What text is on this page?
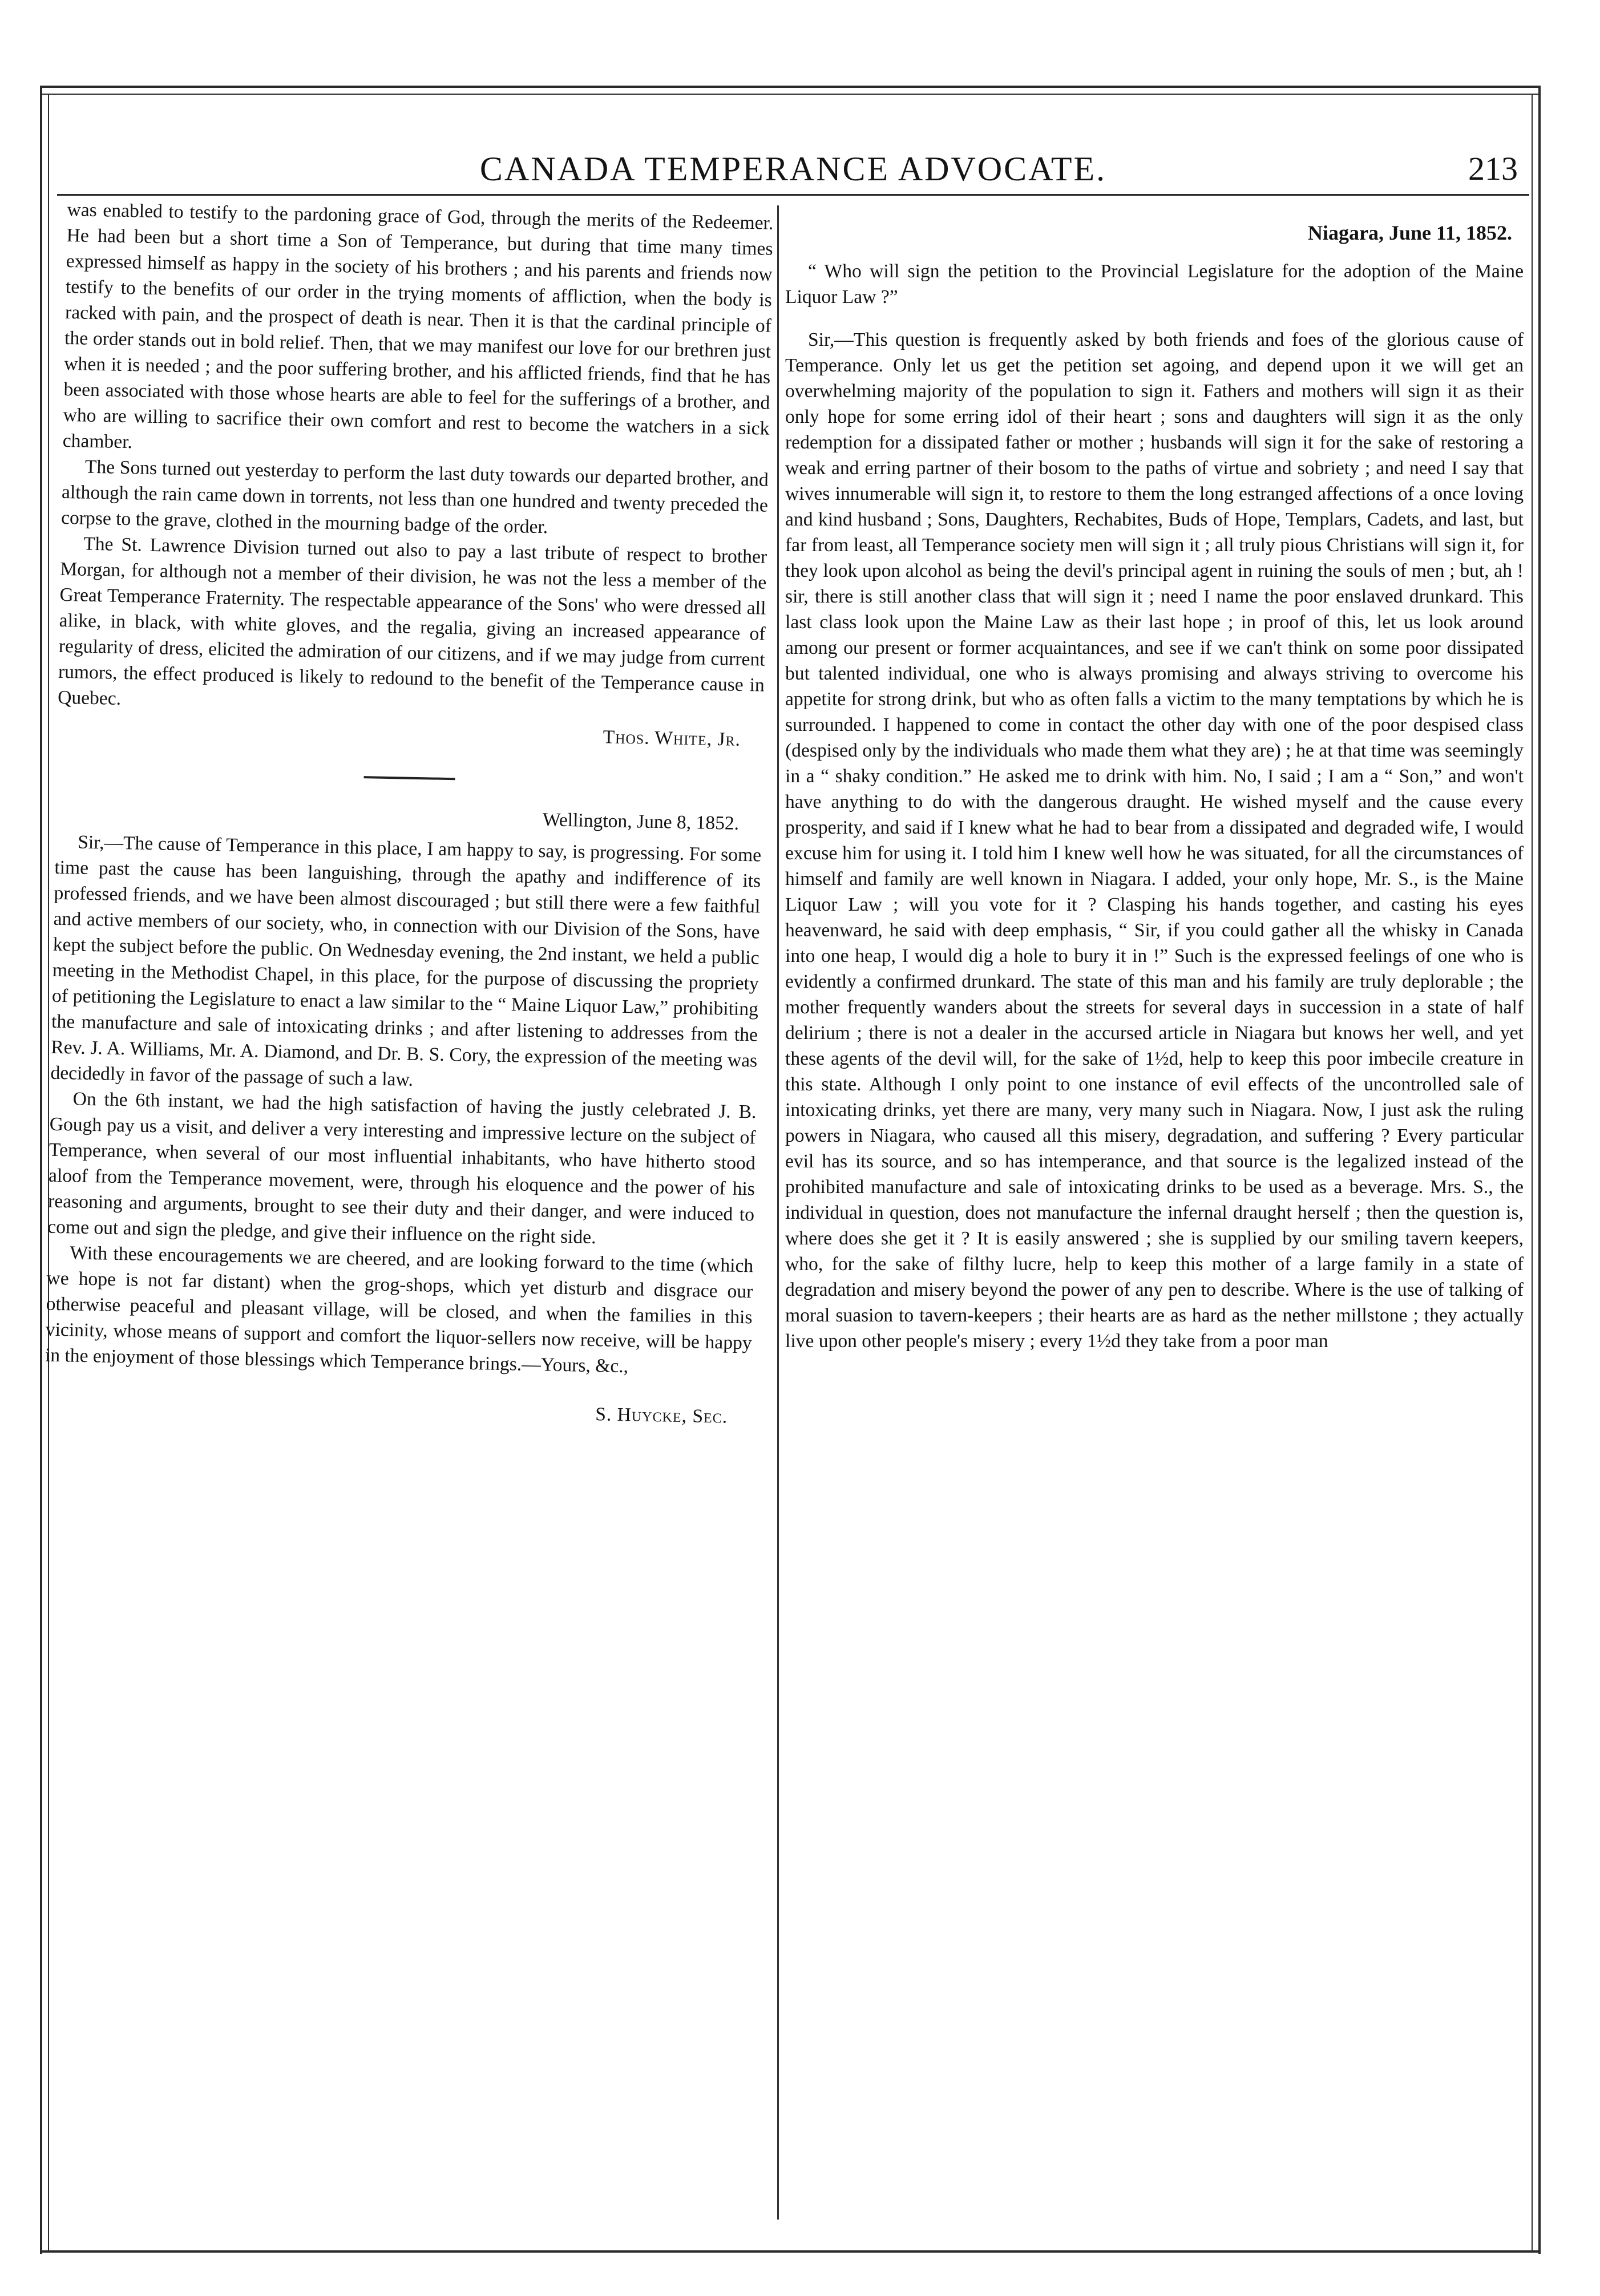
CANADA TEMPERANCE ADVOCATE.	213

was enabled to testify to the pardoning grace of God, through the merits of the Redeemer. He had been but a short time a Son of Temperance, but during that time many times expressed himself as happy in the society of his brothers ; and his parents and friends now testify to the benefits of our order in the trying moments of affliction, when the body is racked with pain, and the prospect of death is near. Then it is that the cardinal principle of the order stands out in bold relief. Then, that we may manifest our love for our brethren just when it is needed ; and the poor suffering brother, and his afflicted friends, find that he has been associated with those whose hearts are able to feel for the sufferings of a brother, and who are willing to sacrifice their own comfort and rest to become the watchers in a sick chamber.

The Sons turned out yesterday to perform the last duty towards our departed brother, and although the rain came down in torrents, not less than one hundred and twenty preceded the corpse to the grave, clothed in the mourning badge of the order.

The St. Lawrence Division turned out also to pay a last tribute of respect to brother Morgan, for although not a member of their division, he was not the less a member of the Great Temperance Fraternity. The respectable appearance of the Sons' who were dressed all alike, in black, with white gloves, and the regalia, giving an increased appearance of regularity of dress, elicited the admiration of our citizens, and if we may judge from current rumors, the effect produced is likely to redound to the benefit of the Temperance cause in Quebec.

Thos. White, Jr.
Wellington, June 8, 1852.

Sir,—The cause of Temperance in this place, I am happy to say, is progressing. For some time past the cause has been languishing, through the apathy and indifference of its professed friends, and we have been almost discouraged ; but still there were a few faithful and active members of our society, who, in connection with our Division of the Sons, have kept the subject before the public. On Wednesday evening, the 2nd instant, we held a public meeting in the Methodist Chapel, in this place, for the purpose of discussing the propriety of petitioning the Legislature to enact a law similar to the “ Maine Liquor Law,” prohibiting the manufacture and sale of intoxicating drinks ; and after listening to addresses from the Rev. J. A. Williams, Mr. A. Diamond, and Dr. B. S. Cory, the expression of the meeting was decidedly in favor of the passage of such a law.

On the 6th instant, we had the high satisfaction of having the justly celebrated J. B. Gough pay us a visit, and deliver a very interesting and impressive lecture on the subject of Temperance, when several of our most influential inhabitants, who have hitherto stood aloof from the Temperance movement, were, through his eloquence and the power of his reasoning and arguments, brought to see their duty and their danger, and were induced to come out and sign the pledge, and give their influence on the right side.

With these encouragements we are cheered, and are looking forward to the time (which we hope is not far distant) when the grog-shops, which yet disturb and disgrace our otherwise peaceful and pleasant village, will be closed, and when the families in this vicinity, whose means of support and comfort the liquor-sellers now receive, will be happy in the enjoyment of those blessings which Temperance brings.—Yours, &c.,

S. Huycke, Sec.
Niagara, June 11, 1852.

“ Who will sign the petition to the Provincial Legislature for the adoption of the Maine Liquor Law ?”

Sir,—This question is frequently asked by both friends and foes of the glorious cause of Temperance. Only let us get the petition set agoing, and depend upon it we will get an overwhelming majority of the population to sign it. Fathers and mothers will sign it as their only hope for some erring idol of their heart ; sons and daughters will sign it as the only redemption for a dissipated father or mother ; husbands will sign it for the sake of restoring a weak and erring partner of their bosom to the paths of virtue and sobriety ; and need I say that wives innumerable will sign it, to restore to them the long estranged affections of a once loving and kind husband ; Sons, Daughters, Rechabites, Buds of Hope, Templars, Cadets, and last, but far from least, all Temperance society men will sign it ; all truly pious Christians will sign it, for they look upon alcohol as being the devil's principal agent in ruining the souls of men ; but, ah ! sir, there is still another class that will sign it ; need I name the poor enslaved drunkard. This last class look upon the Maine Law as their last hope ; in proof of this, let us look around among our present or former acquaintances, and see if we can't think on some poor dissipated but talented individual, one who is always promising and always striving to overcome his appetite for strong drink, but who as often falls a victim to the many temptations by which he is surrounded. I happened to come in contact the other day with one of the poor despised class (despised only by the individuals who made them what they are) ; he at that time was seemingly in a “ shaky condition.” He asked me to drink with him. No, I said ; I am a “ Son,” and won't have anything to do with the dangerous draught. He wished myself and the cause every prosperity, and said if I knew what he had to bear from a dissipated and degraded wife, I would excuse him for using it. I told him I knew well how he was situated, for all the circumstances of himself and family are well known in Niagara. I added, your only hope, Mr. S., is the Maine Liquor Law ; will you vote for it ? Clasping his hands together, and casting his eyes heavenward, he said with deep emphasis, “ Sir, if you could gather all the whisky in Canada into one heap, I would dig a hole to bury it in !” Such is the expressed feelings of one who is evidently a confirmed drunkard. The state of this man and his family are truly deplorable ; the mother frequently wanders about the streets for several days in succession in a state of half delirium ; there is not a dealer in the accursed article in Niagara but knows her well, and yet these agents of the devil will, for the sake of 1½d, help to keep this poor imbecile creature in this state. Although I only point to one instance of evil effects of the uncontrolled sale of intoxicating drinks, yet there are many, very many such in Niagara. Now, I just ask the ruling powers in Niagara, who caused all this misery, degradation, and suffering ? Every particular evil has its source, and so has intemperance, and that source is the legalized instead of the prohibited manufacture and sale of intoxicating drinks to be used as a beverage. Mrs. S., the individual in question, does not manufacture the infernal draught herself ; then the question is, where does she get it ? It is easily answered ; she is supplied by our smiling tavern keepers, who, for the sake of filthy lucre, help to keep this mother of a large family in a state of degradation and misery beyond the power of any pen to describe. Where is the use of talking of moral suasion to tavern-keepers ; their hearts are as hard as the nether millstone ; they actually live upon other people's misery ; every 1½d they take from a poor man
